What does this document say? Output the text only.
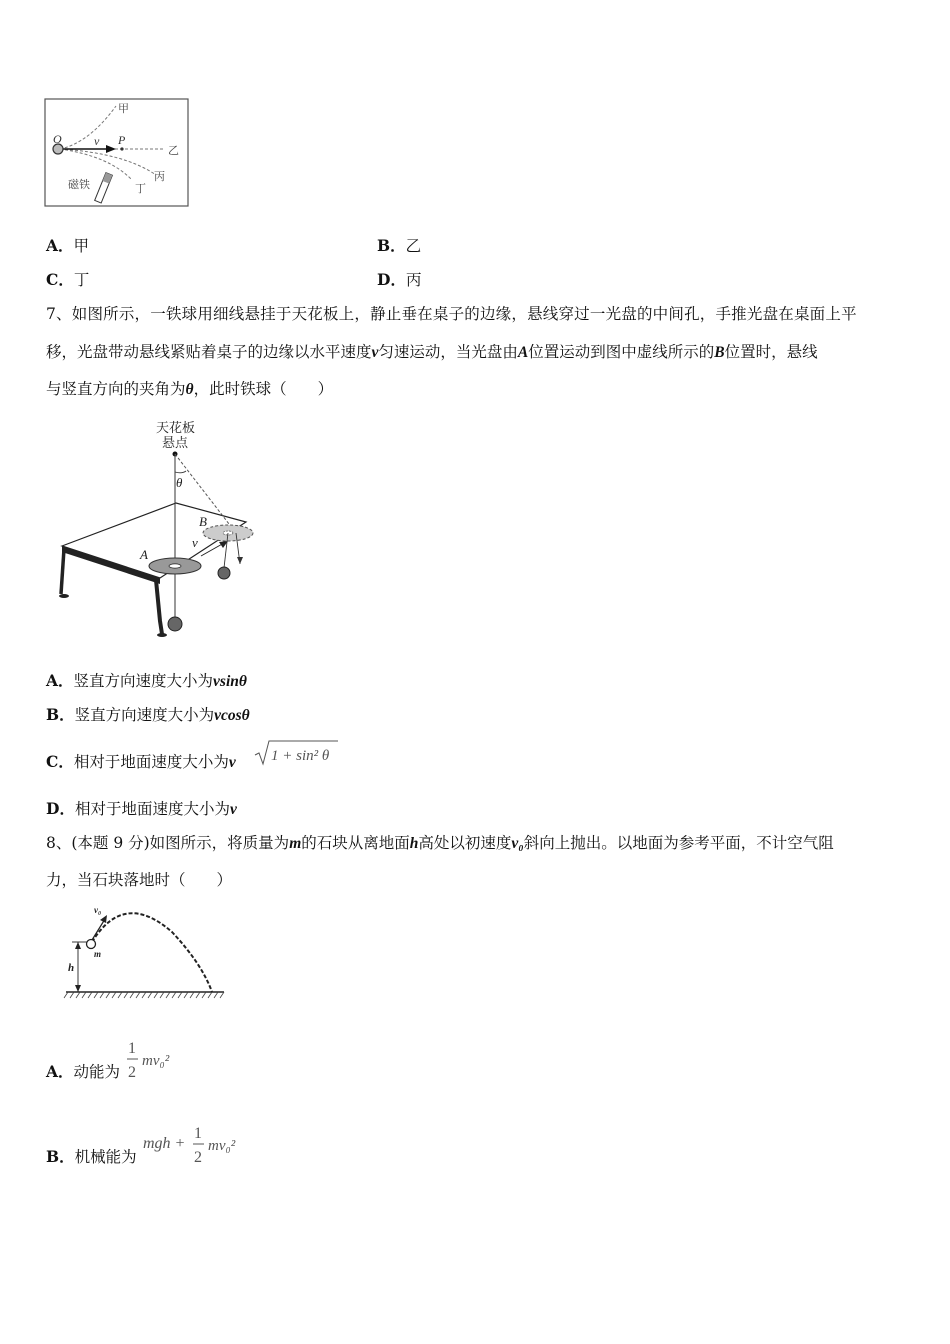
O	v P
甲
乙
丙
丁
磁铁
A．甲	B．乙
C．丁	D．丙
7、如图所示，一铁球用细线悬挂于天花板上，静止垂在桌子的边缘，悬线穿过一光盘的中间孔，手推光盘在桌面上平
移，光盘带动悬线紧贴着桌子的边缘以水平速度v匀速运动，当光盘由A位置运动到图中虚线所示的B位置时，悬线
与竖直方向的夹角为θ，此时铁球（　　）
天花板
悬点
θ
A
B
v
A．竖直方向速度大小为vsinθ
B．竖直方向速度大小为vcosθ
C．相对于地面速度大小为v 1 + sin² θ
D．相对于地面速度大小为v
8、(本题 9 分)如图所示，将质量为m的石块从离地面h高处以初速度v₀斜向上抛出。以地面为参考平面，不计空气阻
力，当石块落地时（　　）
h
v₀
m
A．动能为
1
2
mv₀²
B．机械能为
mgh +
1
2
mv₀²
